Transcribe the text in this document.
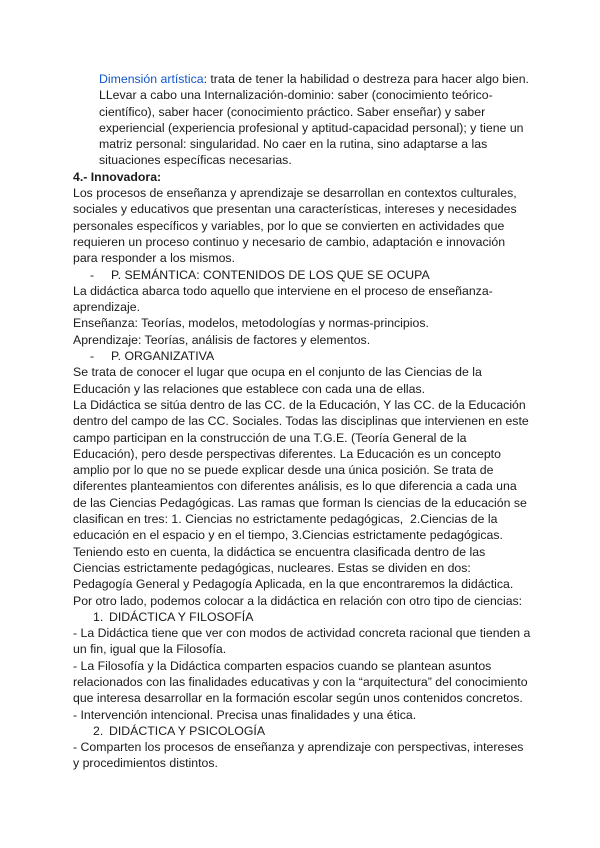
Dimensión artística: trata de tener la habilidad o destreza para hacer algo bien.
LLevar a cabo una Internalización-dominio: saber (conocimiento teórico-científico), saber hacer (conocimiento práctico. Saber enseñar) y saber experiencial (experiencia profesional y aptitud-capacidad personal); y tiene un matriz personal: singularidad. No caer en la rutina, sino adaptarse a las situaciones específicas necesarias.
4.- Innovadora:
Los procesos de enseñanza y aprendizaje se desarrollan en contextos culturales, sociales y educativos que presentan una características, intereses y necesidades personales específicos y variables, por lo que se convierten en actividades que requieren un proceso continuo y necesario de cambio, adaptación e innovación para responder a los mismos.
-	P. SEMÁNTICA: CONTENIDOS DE LOS QUE SE OCUPA
La didáctica abarca todo aquello que interviene en el proceso de enseñanza-aprendizaje.
Enseñanza: Teorías, modelos, metodologías y normas-principios.
Aprendizaje: Teorías, análisis de factores y elementos.
-	P. ORGANIZATIVA
Se trata de conocer el lugar que ocupa en el conjunto de las Ciencias de la Educación y las relaciones que establece con cada una de ellas.
La Didáctica se sitúa dentro de las CC. de la Educación, Y las CC. de la Educación dentro del campo de las CC. Sociales. Todas las disciplinas que intervienen en este campo participan en la construcción de una T.G.E. (Teoría General de la Educación), pero desde perspectivas diferentes. La Educación es un concepto amplio por lo que no se puede explicar desde una única posición. Se trata de diferentes planteamientos con diferentes análisis, es lo que diferencia a cada una de las Ciencias Pedagógicas. Las ramas que forman ls ciencias de la educación se clasifican en tres: 1. Ciencias no estrictamente pedagógicas,  2.Ciencias de la educación en el espacio y en el tiempo, 3.Ciencias estrictamente pedagógicas. Teniendo esto en cuenta, la didáctica se encuentra clasificada dentro de las Ciencias estrictamente pedagógicas, nucleares. Estas se dividen en dos: Pedagogía General y Pedagogía Aplicada, en la que encontraremos la didáctica.
Por otro lado, podemos colocar a la didáctica en relación con otro tipo de ciencias:
1. DIDÁCTICA Y FILOSOFÍA
- La Didáctica tiene que ver con modos de actividad concreta racional que tienden a un fin, igual que la Filosofía.
- La Filosofía y la Didáctica comparten espacios cuando se plantean asuntos relacionados con las finalidades educativas y con la “arquitectura” del conocimiento que interesa desarrollar en la formación escolar según unos contenidos concretos.
- Intervención intencional. Precisa unas finalidades y una ética.
2. DIDÁCTICA Y PSICOLOGÍA
- Comparten los procesos de enseñanza y aprendizaje con perspectivas, intereses y procedimientos distintos.
